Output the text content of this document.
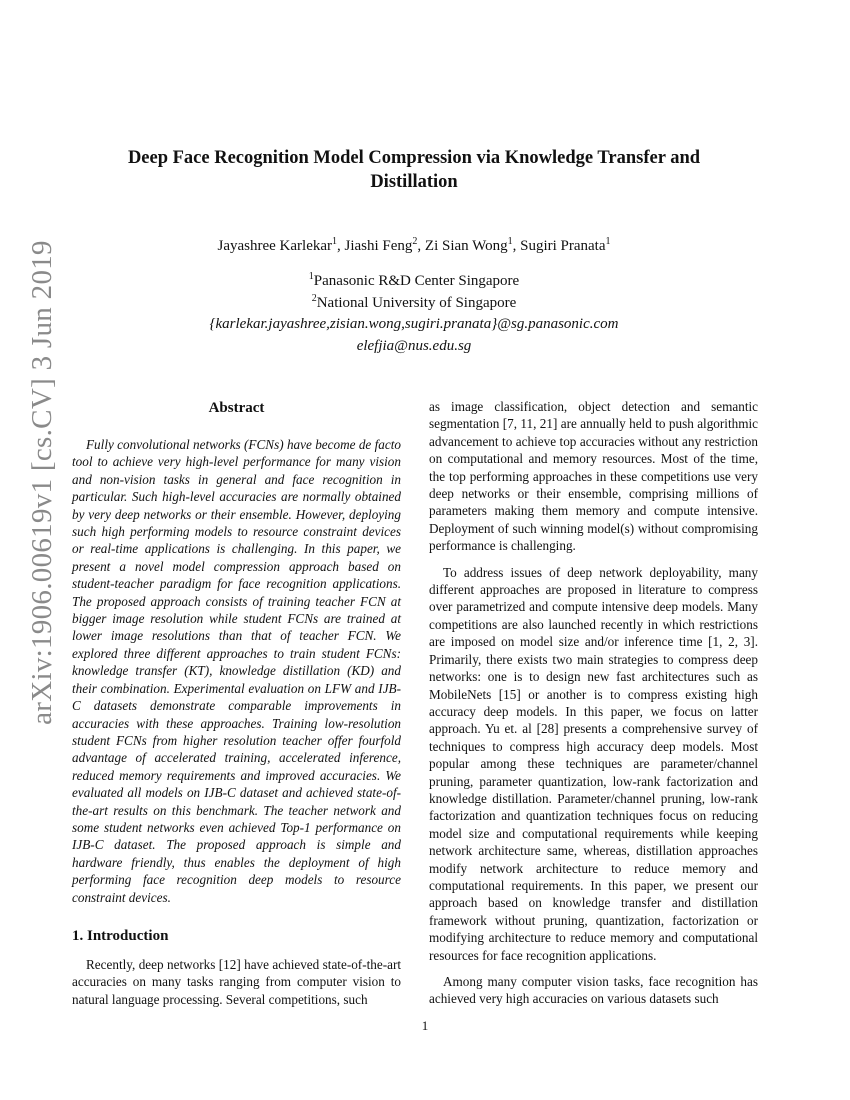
arXiv:1906.00619v1 [cs.CV] 3 Jun 2019
Deep Face Recognition Model Compression via Knowledge Transfer and
Distillation
Jayashree Karlekar$^1$, Jiashi Feng$^2$, Zi Sian Wong$^1$, Sugiri Pranata$^1$
$^1$Panasonic R&D Center Singapore
$^2$National University of Singapore
{karlekar.jayashree,zisian.wong,sugiri.pranata}@sg.panasonic.com
elefjia@nus.edu.sg
Abstract

Fully convolutional networks (FCNs) have become de facto tool to achieve very high-level performance for many vision and non-vision tasks in general and face recognition in particular. Such high-level accuracies are normally obtained by very deep networks or their ensemble. However, deploying such high performing models to resource constraint devices or real-time applications is challenging. In this paper, we present a novel model compression approach based on student-teacher paradigm for face recognition applications. The proposed approach consists of training teacher FCN at bigger image resolution while student FCNs are trained at lower image resolutions than that of teacher FCN. We explored three different approaches to train student FCNs: knowledge transfer (KT), knowledge distillation (KD) and their combination. Experimental evaluation on LFW and IJB-C datasets demonstrate comparable improvements in accuracies with these approaches. Training low-resolution student FCNs from higher resolution teacher offer fourfold advantage of accelerated training, accelerated inference, reduced memory requirements and improved accuracies. We evaluated all models on IJB-C dataset and achieved state-of-the-art results on this benchmark. The teacher network and some student networks even achieved Top-1 performance on IJB-C dataset. The proposed approach is simple and hardware friendly, thus enables the deployment of high performing face recognition deep models to resource constraint devices.

1. Introduction

Recently, deep networks [12] have achieved state-of-the-art accuracies on many tasks ranging from computer vision to natural language processing. Several competitions, such

as image classification, object detection and semantic segmentation [7, 11, 21] are annually held to push algorithmic advancement to achieve top accuracies without any restriction on computational and memory resources. Most of the time, the top performing approaches in these competitions use very deep networks or their ensemble, comprising millions of parameters making them memory and compute intensive. Deployment of such winning model(s) without compromising performance is challenging.

To address issues of deep network deployability, many different approaches are proposed in literature to compress over parametrized and compute intensive deep models. Many competitions are also launched recently in which restrictions are imposed on model size and/or inference time [1, 2, 3]. Primarily, there exists two main strategies to compress deep networks: one is to design new fast architectures such as MobileNets [15] or another is to compress existing high accuracy deep models. In this paper, we focus on latter approach. Yu et. al [28] presents a comprehensive survey of techniques to compress high accuracy deep models. Most popular among these techniques are parameter/channel pruning, parameter quantization, low-rank factorization and knowledge distillation. Parameter/channel pruning, low-rank factorization and quantization techniques focus on reducing model size and computational requirements while keeping network architecture same, whereas, distillation approaches modify network architecture to reduce memory and computational requirements. In this paper, we present our approach based on knowledge transfer and distillation framework without pruning, quantization, factorization or modifying architecture to reduce memory and computational resources for face recognition applications.

Among many computer vision tasks, face recognition has achieved very high accuracies on various datasets such

1
